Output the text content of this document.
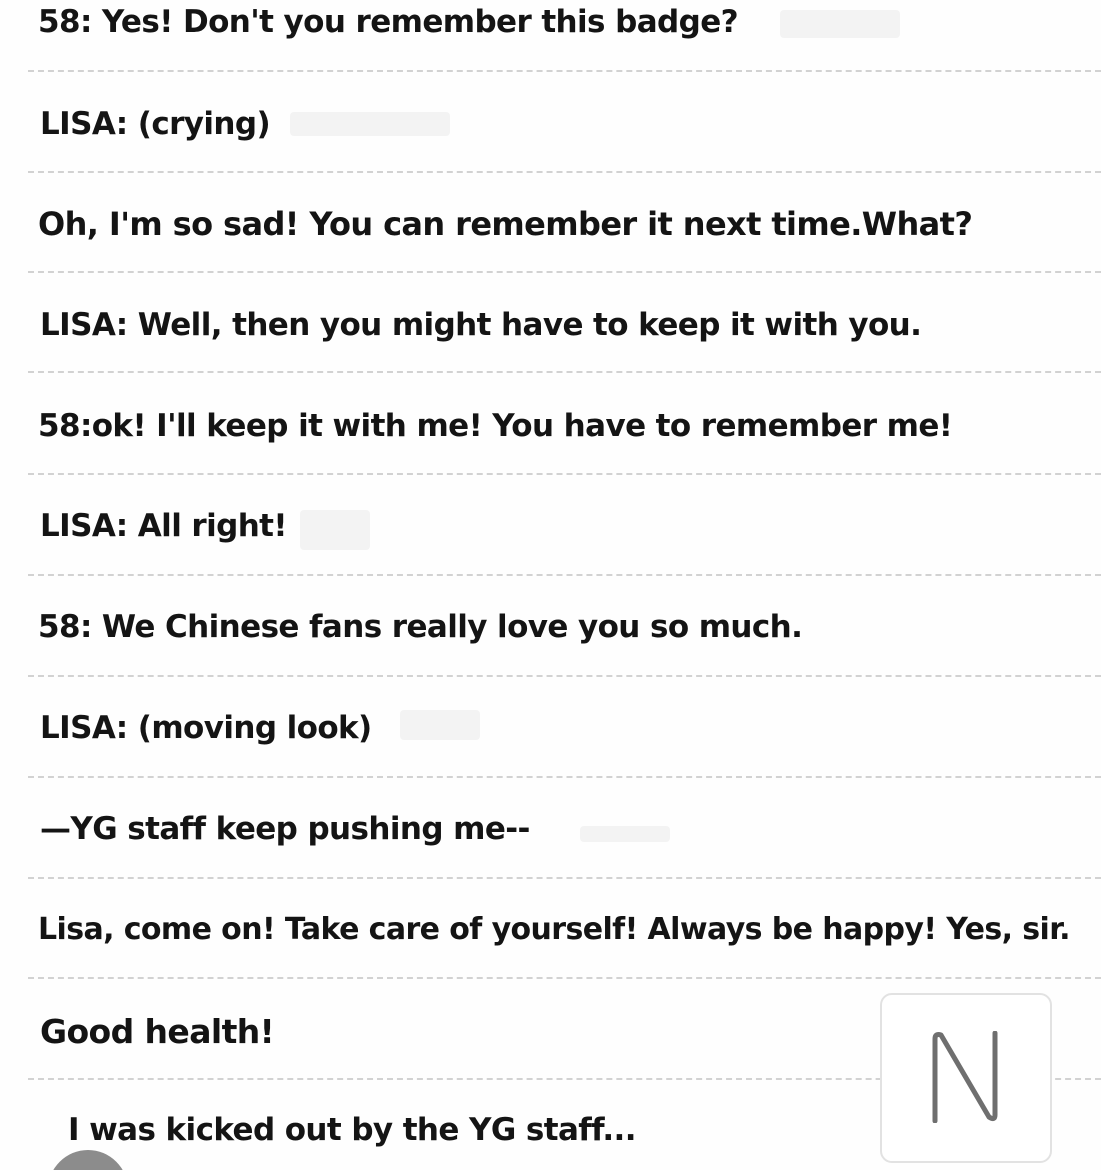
58: Yes! Don't you remember this badge?
LISA: (crying)
Oh, I'm so sad! You can remember it next time.What?
LISA: Well, then you might have to keep it with you.
58:ok! I'll keep it with me! You have to remember me!
LISA: All right!
58: We Chinese fans really love you so much.
LISA: (moving look)
—YG staff keep pushing me--
Lisa, come on! Take care of yourself! Always be happy! Yes, sir.
Good health!
I was kicked out by the YG staff...
